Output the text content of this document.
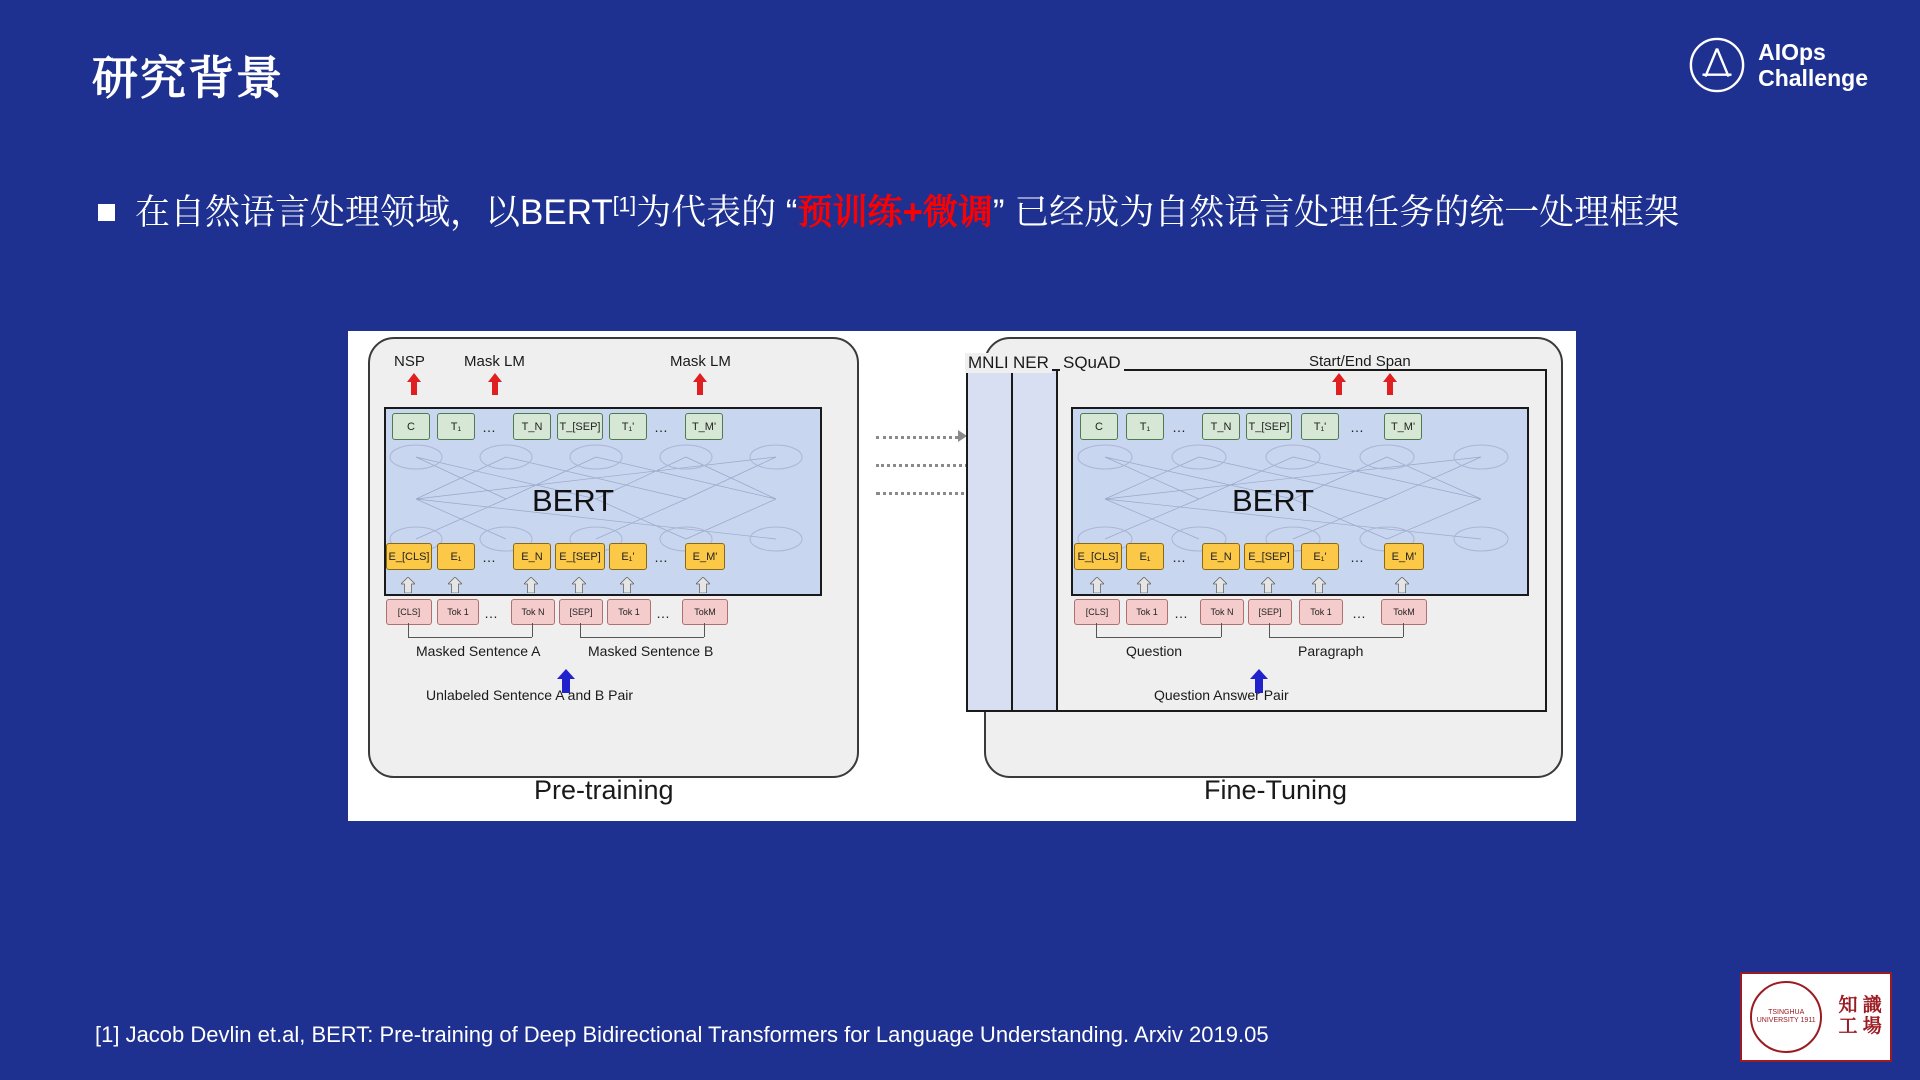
研究背景
AIOps
Challenge
在自然语言处理领域，以BERT[1]为代表的 “预训练+微调” 已经成为自然语言处理任务的统一处理框架
NSP	Mask LM	Mask LM
BERT
C	T₁	…	T_N	T_[SEP]	T₁'	…	T_M'
E_[CLS]	E₁	…	E_N	E_[SEP]	E₁'	…	E_M'
[CLS]	Tok 1	…	Tok N	[SEP]	Tok 1	…	TokM
Masked Sentence A	Masked Sentence B
Unlabeled Sentence A and B Pair
Pre-training
MNLI NER SQuAD	Start/End Span
BERT
C	T₁	…	T_N	T_[SEP]	T₁'	…	T_M'
E_[CLS]	E₁	…	E_N	E_[SEP]	E₁'	…	E_M'
[CLS]	Tok 1	…	Tok N	[SEP]	Tok 1	…	TokM
Question	Paragraph
Question Answer Pair
Fine-Tuning
[1] Jacob Devlin et.al, BERT: Pre-training of Deep Bidirectional Transformers for Language Understanding. Arxiv 2019.05
TSINGHUA UNIVERSITY 1911
知 識
工 場
